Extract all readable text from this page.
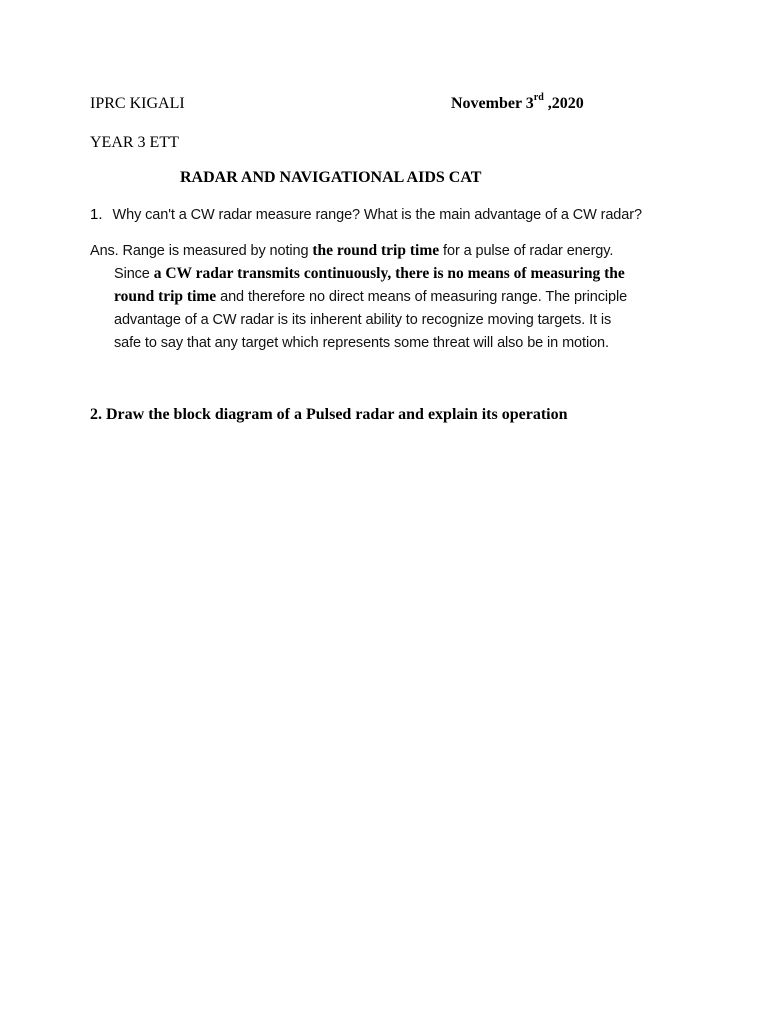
IPRC KIGALI	November 3rd ,2020
YEAR 3 ETT
RADAR AND NAVIGATIONAL AIDS CAT
1. Why can't a CW radar measure range? What is the main advantage of a CW radar?
Ans. Range is measured by noting the round trip time for a pulse of radar energy.
Since a CW radar transmits continuously, there is no means of measuring the
round trip time and therefore no direct means of measuring range. The principle
advantage of a CW radar is its inherent ability to recognize moving targets. It is
safe to say that any target which represents some threat will also be in motion.
2. Draw the block diagram of a Pulsed radar and explain its operation
